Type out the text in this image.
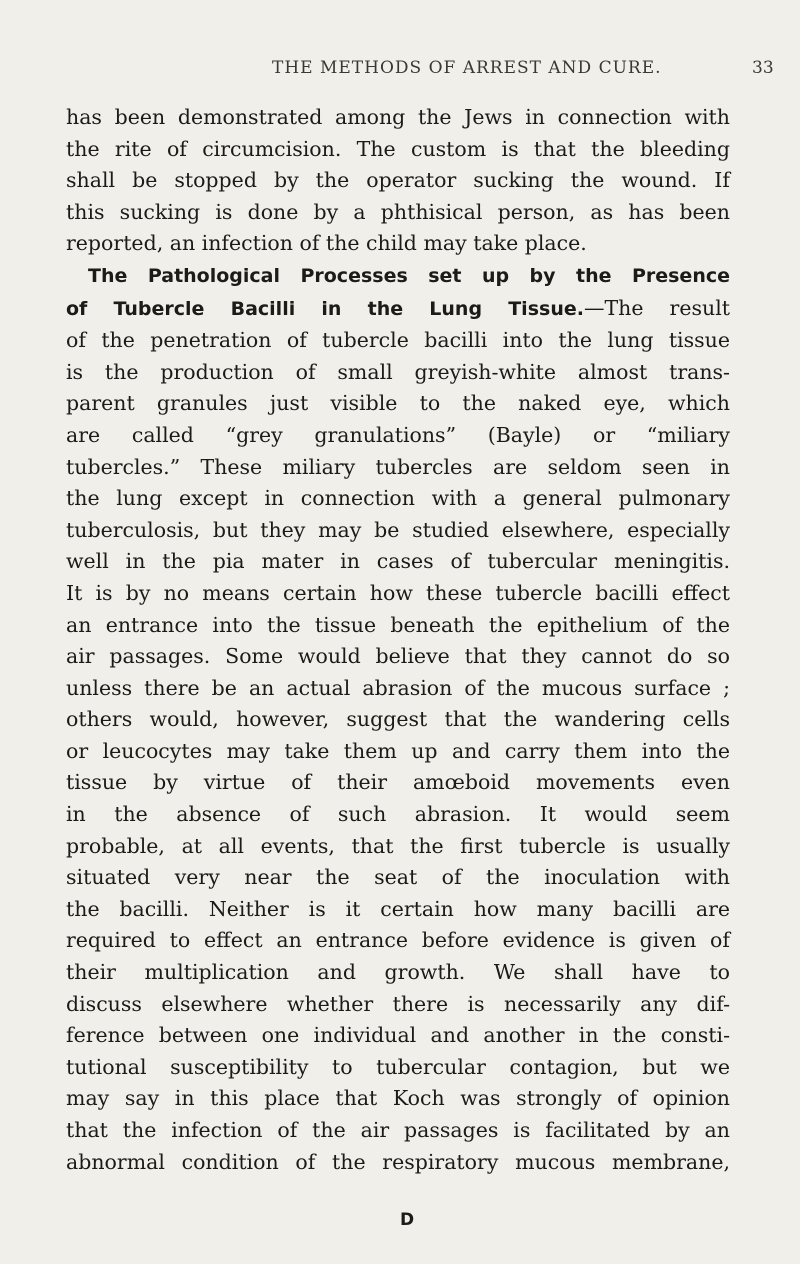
THE METHODS OF ARREST AND CURE.	33
has been demonstrated among the Jews in connection with
the rite of circumcision. The custom is that the bleeding
shall be stopped by the operator sucking the wound. If
this sucking is done by a phthisical person, as has been
reported, an infection of the child may take place.
The Pathological Processes set up by the Presence
of Tubercle Bacilli in the Lung Tissue.—The result
of the penetration of tubercle bacilli into the lung tissue
is the production of small greyish-white almost trans-
parent granules just visible to the naked eye, which
are called “grey granulations” (Bayle) or “miliary
tubercles.” These miliary tubercles are seldom seen in
the lung except in connection with a general pulmonary
tuberculosis, but they may be studied elsewhere, especially
well in the pia mater in cases of tubercular meningitis.
It is by no means certain how these tubercle bacilli effect
an entrance into the tissue beneath the epithelium of the
air passages. Some would believe that they cannot do so
unless there be an actual abrasion of the mucous surface ;
others would, however, suggest that the wandering cells
or leucocytes may take them up and carry them into the
tissue by virtue of their amœboid movements even
in the absence of such abrasion. It would seem
probable, at all events, that the first tubercle is usually
situated very near the seat of the inoculation with
the bacilli. Neither is it certain how many bacilli are
required to effect an entrance before evidence is given of
their multiplication and growth. We shall have to
discuss elsewhere whether there is necessarily any dif-
ference between one individual and another in the consti-
tutional susceptibility to tubercular contagion, but we
may say in this place that Koch was strongly of opinion
that the infection of the air passages is facilitated by an
abnormal condition of the respiratory mucous membrane,
D
